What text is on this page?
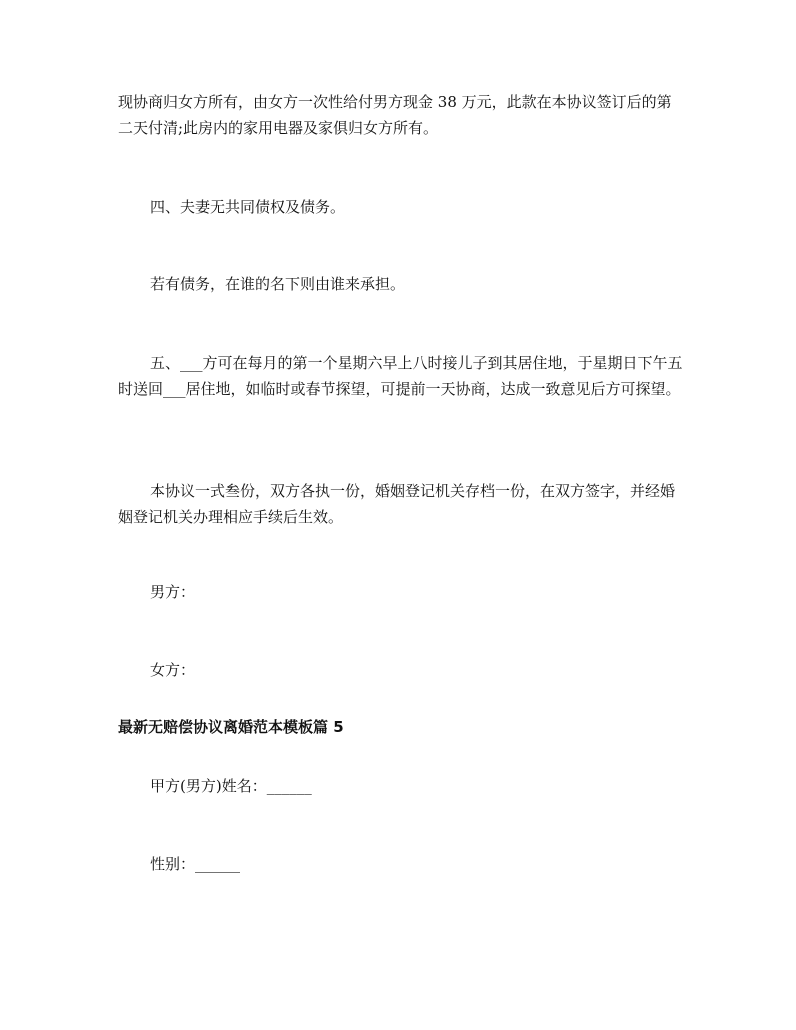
现协商归女方所有，由女方一次性给付男方现金 38 万元，此款在本协议签订后的第二天付清;此房内的家用电器及家俱归女方所有。

四、夫妻无共同债权及债务。

若有债务，在谁的名下则由谁来承担。

五、___方可在每月的第一个星期六早上八时接儿子到其居住地，于星期日下午五时送回___居住地，如临时或春节探望，可提前一天协商，达成一致意见后方可探望。

本协议一式叁份，双方各执一份，婚姻登记机关存档一份，在双方签字，并经婚姻登记机关办理相应手续后生效。

男方：

女方：

最新无赔偿协议离婚范本模板篇 5

甲方(男方)姓名：______

性别：______
